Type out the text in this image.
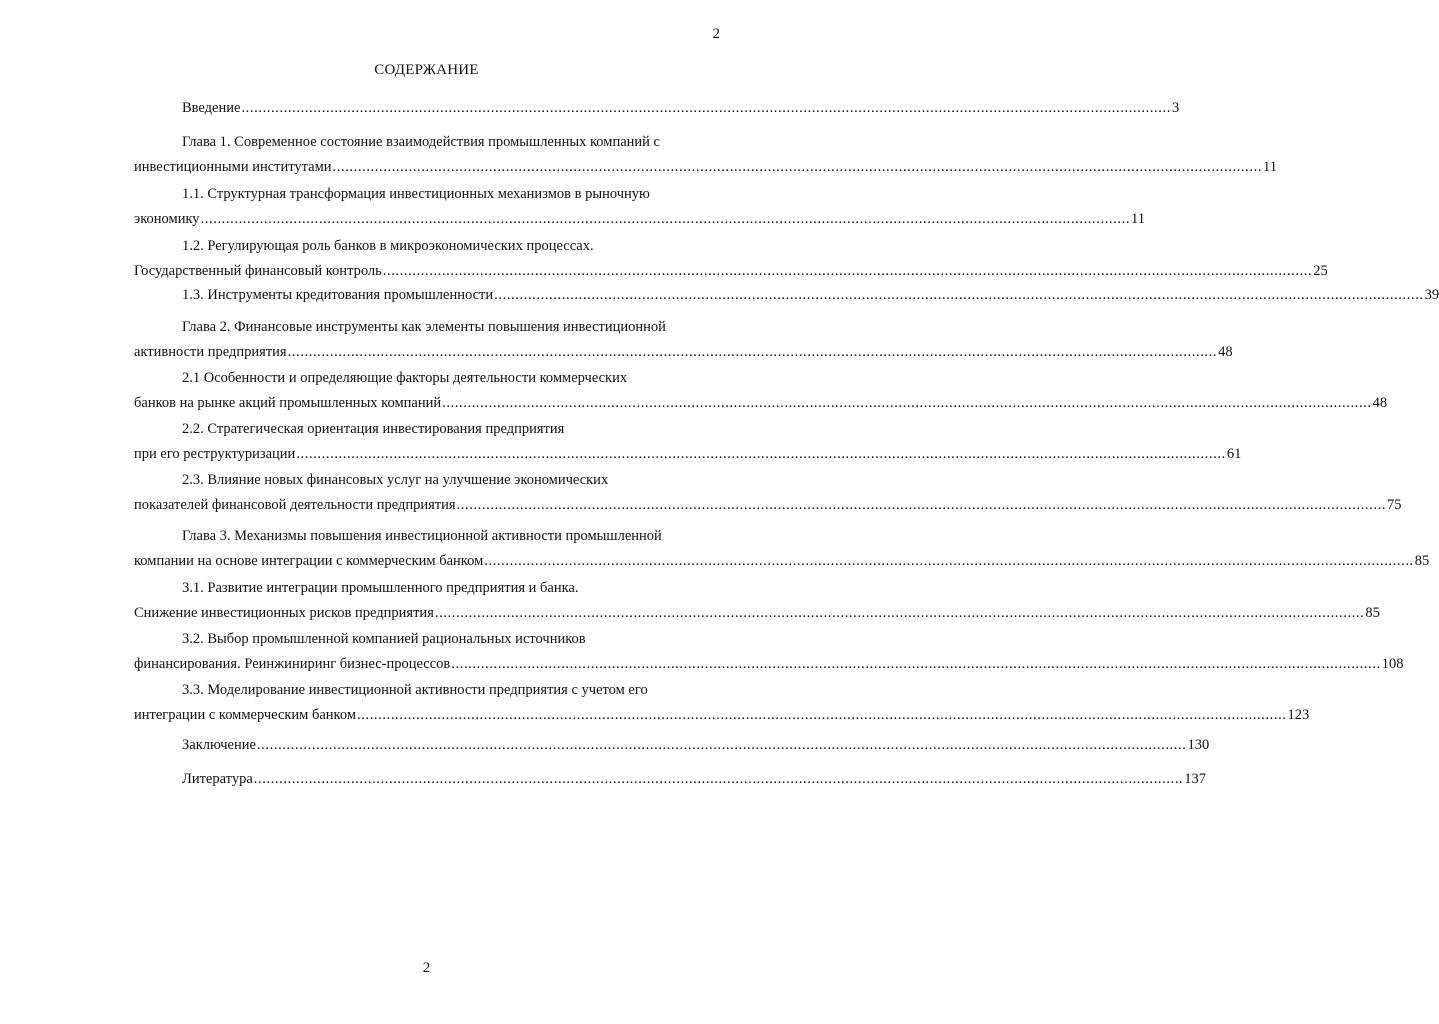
2
СОДЕРЖАНИЕ
Введение ............................................................................................................................................................................................................................ 3
Глава 1. Современное состояние взаимодействия промышленных компаний с
инвестиционными институтами ............................................................................................................................................................................................................................ 11
1.1. Структурная трансформация инвестиционных механизмов в рыночную
экономику ............................................................................................................................................................................................................................ 11
1.2. Регулирующая роль банков в микроэкономических процессах.
Государственный финансовый контроль ............................................................................................................................................................................................................................ 25
1.3. Инструменты кредитования промышленности ............................................................................................................................................................................................................................ 39
Глава 2. Финансовые инструменты как элементы повышения инвестиционной
активности предприятия ............................................................................................................................................................................................................................ 48
2.1 Особенности и определяющие факторы деятельности коммерческих
банков на рынке акций промышленных компаний ............................................................................................................................................................................................................................ 48
2.2. Стратегическая ориентация инвестирования предприятия
при его реструктуризации ............................................................................................................................................................................................................................ 61
2.3. Влияние новых финансовых услуг на улучшение экономических
показателей финансовой деятельности предприятия ............................................................................................................................................................................................................................ 75
Глава 3. Механизмы повышения инвестиционной активности промышленной
компании на основе интеграции с коммерческим банком ............................................................................................................................................................................................................................ 85
3.1. Развитие интеграции промышленного предприятия и банка.
Снижение инвестиционных рисков предприятия ............................................................................................................................................................................................................................ 85
3.2. Выбор промышленной компанией рациональных источников
финансирования. Реинжиниринг бизнес-процессов ............................................................................................................................................................................................................................ 108
3.3. Моделирование инвестиционной активности предприятия с учетом его
интеграции с коммерческим банком ............................................................................................................................................................................................................................ 123
Заключение ............................................................................................................................................................................................................................ 130
Литература ............................................................................................................................................................................................................................ 137
2
